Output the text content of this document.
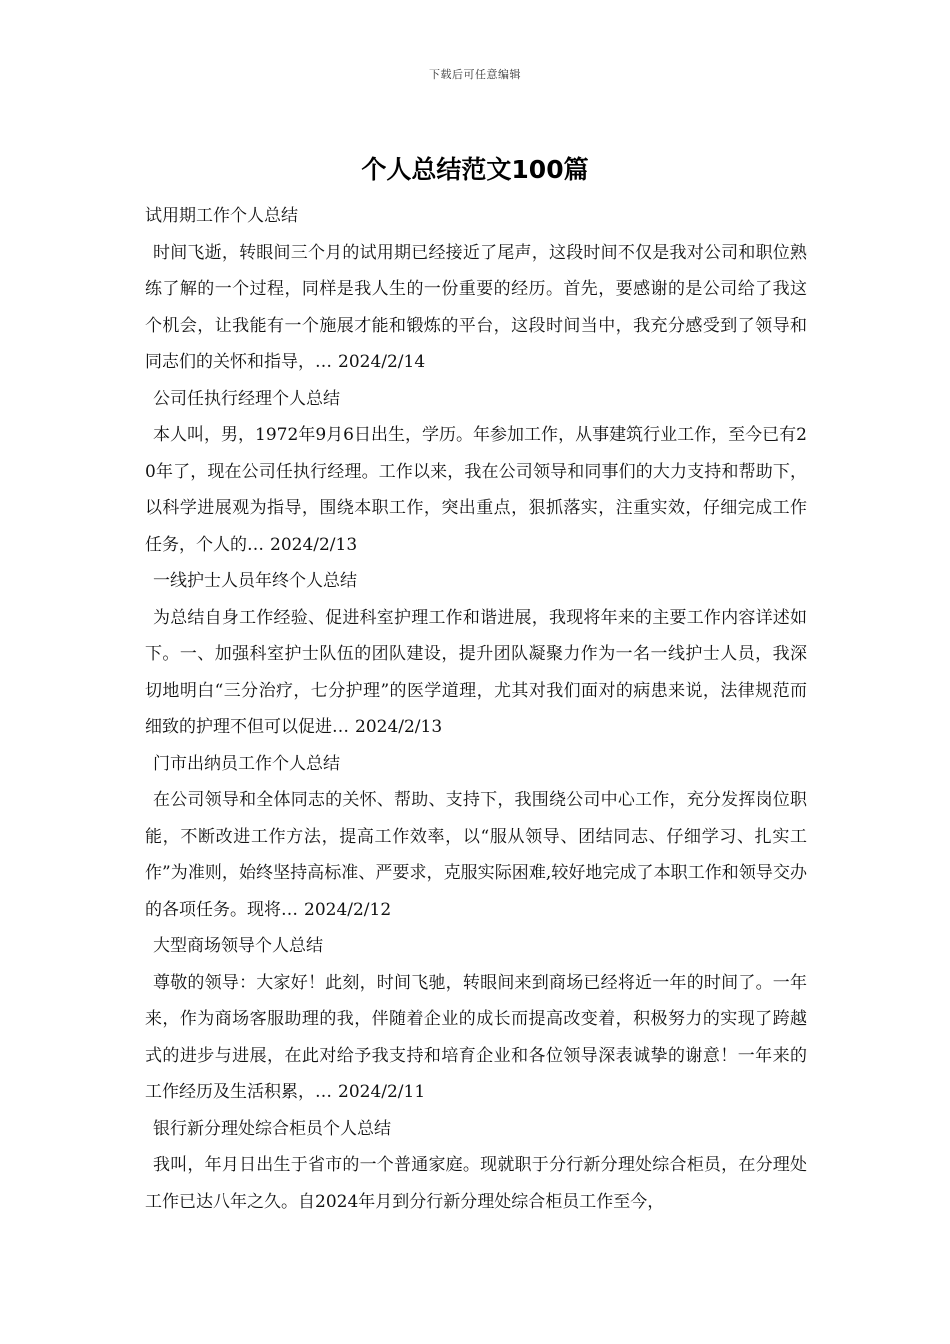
下载后可任意编辑
个人总结范文100篇

试用期工作个人总结

时间飞逝，转眼间三个月的试用期已经接近了尾声，这段时间不仅是我对公司和职位熟练了解的一个过程，同样是我人生的一份重要的经历。首先，要感谢的是公司给了我这个机会，让我能有一个施展才能和锻炼的平台，这段时间当中，我充分感受到了领导和同志们的关怀和指导，… 2024/2/14

公司任执行经理个人总结

本人叫，男，1972年9月6日出生，学历。年参加工作，从事建筑行业工作，至今已有20年了，现在公司任执行经理。工作以来，我在公司领导和同事们的大力支持和帮助下，以科学进展观为指导，围绕本职工作，突出重点，狠抓落实，注重实效，仔细完成工作任务，个人的… 2024/2/13

一线护士人员年终个人总结

为总结自身工作经验、促进科室护理工作和谐进展，我现将年来的主要工作内容详述如下。一、加强科室护士队伍的团队建设，提升团队凝聚力作为一名一线护士人员，我深切地明白“三分治疗，七分护理”的医学道理，尤其对我们面对的病患来说，法律规范而细致的护理不但可以促进… 2024/2/13

门市出纳员工作个人总结

在公司领导和全体同志的关怀、帮助、支持下，我围绕公司中心工作，充分发挥岗位职能，不断改进工作方法，提高工作效率，以“服从领导、团结同志、仔细学习、扎实工作”为准则，始终坚持高标准、严要求，克服实际困难,较好地完成了本职工作和领导交办的各项任务。现将… 2024/2/12

大型商场领导个人总结

尊敬的领导：大家好！此刻，时间飞驰，转眼间来到商场已经将近一年的时间了。一年来，作为商场客服助理的我，伴随着企业的成长而提高改变着，积极努力的实现了跨越式的进步与进展，在此对给予我支持和培育企业和各位领导深表诚挚的谢意！一年来的工作经历及生活积累，… 2024/2/11

银行新分理处综合柜员个人总结

我叫，年月日出生于省市的一个普通家庭。现就职于分行新分理处综合柜员，在分理处工作已达八年之久。自2024年月到分行新分理处综合柜员工作至今，
